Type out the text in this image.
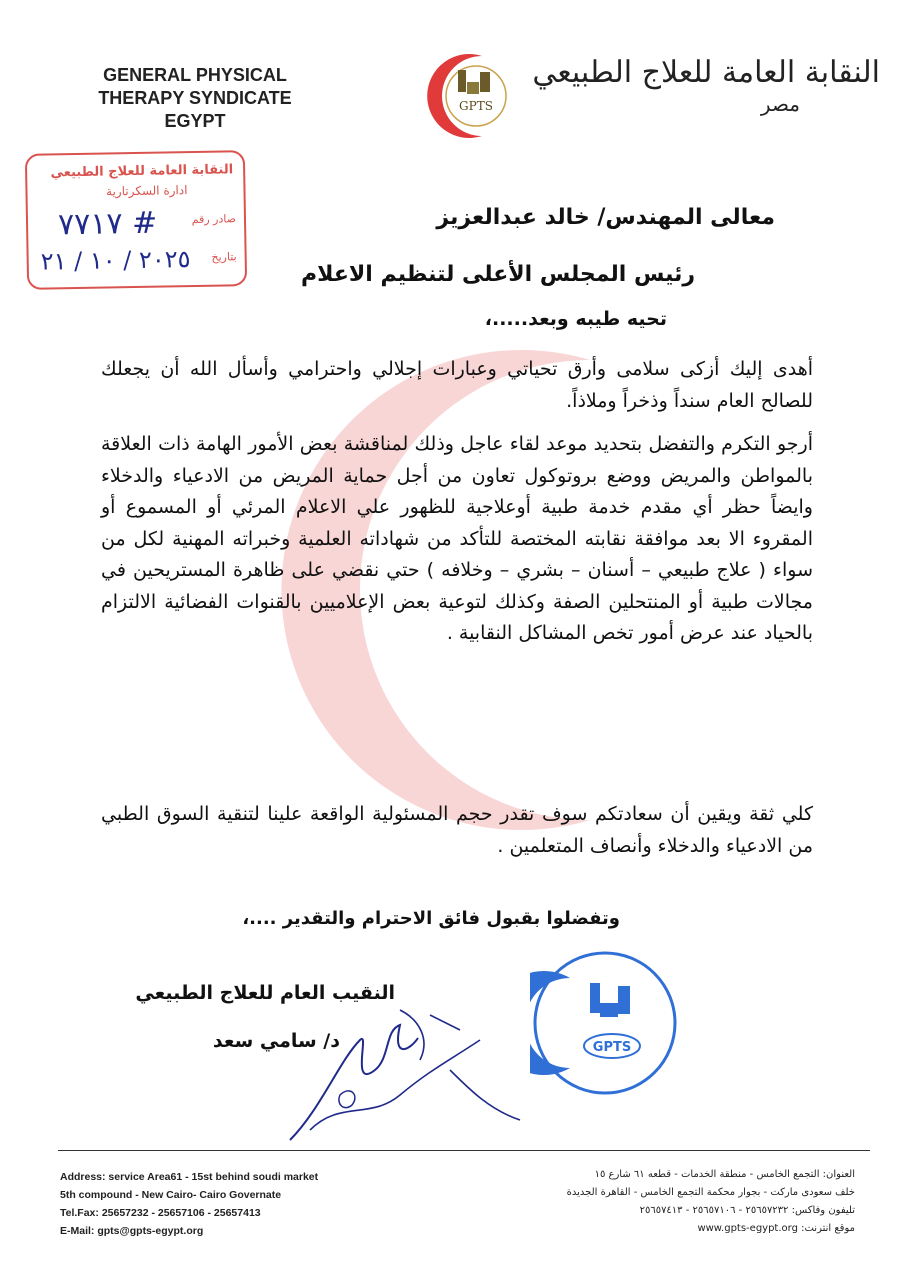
GENERAL PHYSICAL
THERAPY SYNDICATE
EGYPT
GPTS
النقابة العامة للعلاج الطبيعي
مصر
النقابة العامة للعلاج الطبيعي
ادارة السكرتارية
صادر رقم
٧٧١٧ #
بتاريخ
٢٠٢٥ / ١٠ / ٢١
معالى المهندس/ خالد عبدالعزيز
رئيس المجلس الأعلى لتنظيم الاعلام
تحيه طيبه وبعد.....،
أهدى إليك أزكى سلامى وأرق تحياتي وعبارات إجلالي واحترامي وأسأل الله أن يجعلك للصالح العام سنداً وذخراً وملاذاً.
أرجو التكرم والتفضل بتحديد موعد لقاء عاجل وذلك لمناقشة بعض الأمور الهامة ذات العلاقة بالمواطن والمريض ووضع بروتوكول تعاون من أجل حماية المريض من الادعياء والدخلاء وايضاً حظر أي مقدم خدمة طبية أوعلاجية للظهور علي الاعلام المرئي أو المسموع أو المقروء الا بعد موافقة نقابته المختصة للتأكد من شهاداته العلمية وخبراته المهنية لكل من سواء ( علاج طبيعي – أسنان – بشري – وخلافه ) حتي نقضي على ظاهرة المستريحين في مجالات طبية أو المنتحلين الصفة وكذلك لتوعية بعض الإعلاميين بالقنوات الفضائية الالتزام بالحياد عند عرض أمور تخص المشاكل النقابية .
كلي ثقة ويقين أن سعادتكم سوف تقدر حجم المسئولية الواقعة علينا لتنقية السوق الطبي من الادعياء والدخلاء وأنصاف المتعلمين .
وتفضلوا بقبول فائق الاحترام والتقدير ....،
النقيب العام للعلاج الطبيعي
د/ سامي سعد	GPTS
Address: service Area61 - 15st behind soudi market
5th compound - New Cairo- Cairo Governate
Tel.Fax: 25657232 - 25657106 - 25657413
E-Mail: gpts@gpts-egypt.org
العنوان: التجمع الخامس - منطقة الخدمات - قطعه ٦١ شارع ١٥
خلف سعودى ماركت - بجوار محكمة التجمع الخامس - القاهرة الجديدة
تليفون وفاكس: ٢٥٦٥٧٢٣٢ - ٢٥٦٥٧١٠٦ - ٢٥٦٥٧٤١٣
موقع انترنت: www.gpts-egypt.org
